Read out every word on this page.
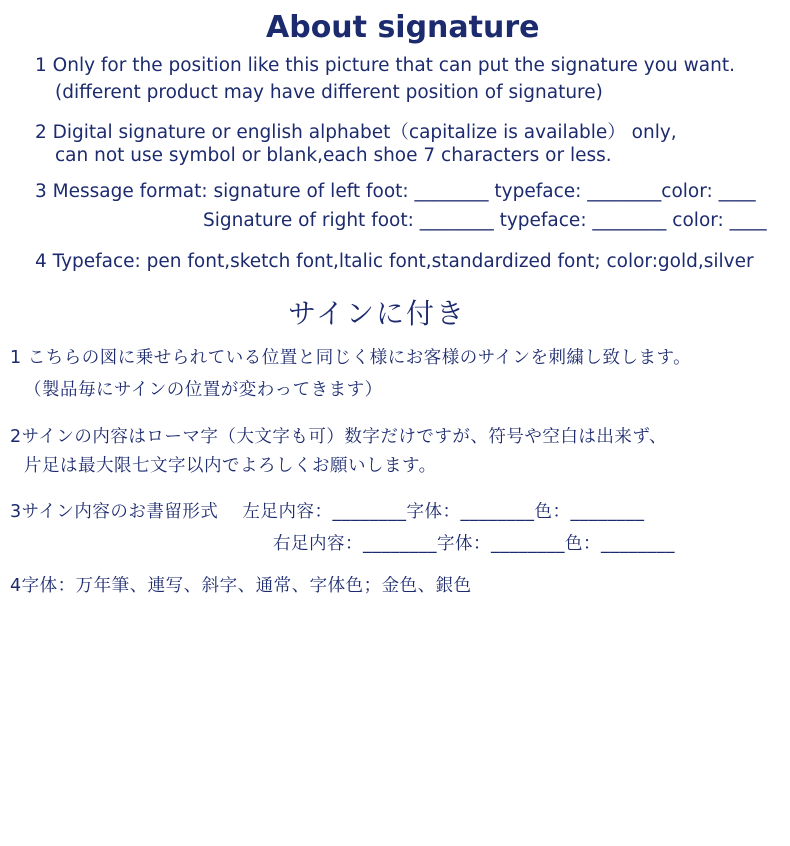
About signature
1 Only for the position like this picture that can put the signature you want.
(different product may have different position of signature)
2 Digital signature or english alphabet（capitalize is available） only,
can not use symbol or blank,each shoe 7 characters or less.
3 Message format: signature of left foot: ________ typeface: ________color: ____
Signature of right foot: ________ typeface: ________ color: ____
4 Typeface: pen font,sketch font,ltalic font,standardized font; color:gold,silver
サインに付き
1 こちらの図に乗せられている位置と同じく様にお客様のサインを刺繍し致します。
（製品毎にサインの位置が変わってきます）
2サインの内容はローマ字（大文字も可）数字だけですが、符号や空白は出来ず、
片足は最大限七文字以内でよろしくお願いします。
3サイン内容のお書留形式　 左足内容：________字体：________色：________
右足内容：________字体：________色：________
4字体：万年筆、連写、斜字、通常、字体色；金色、銀色
